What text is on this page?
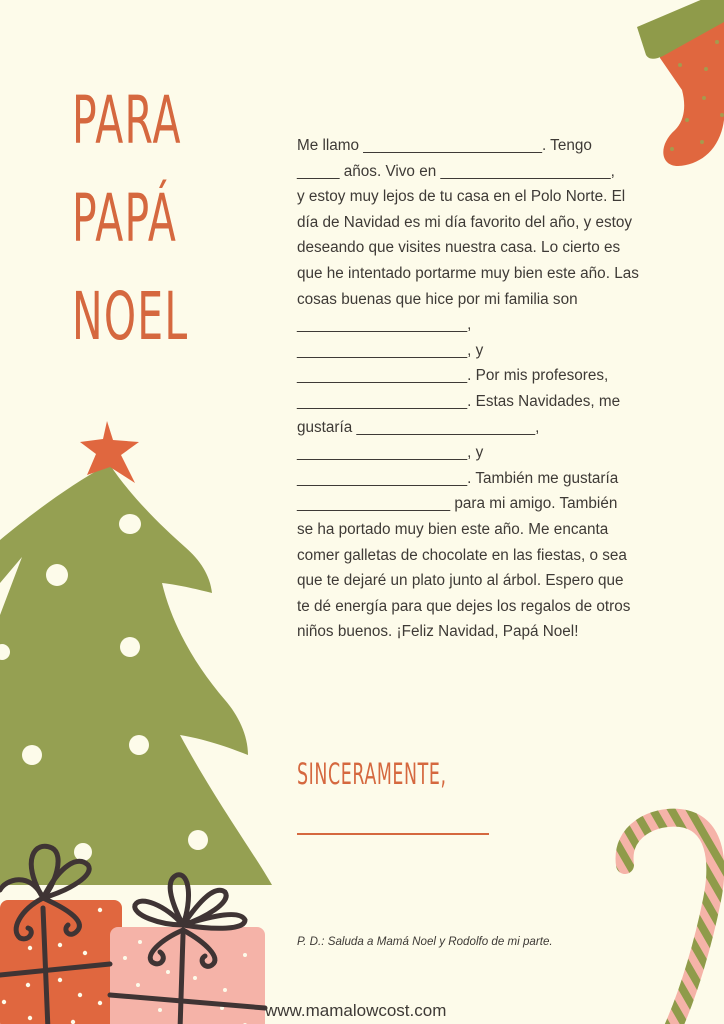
PARA
PAPÁ
NOEL

Me llamo _____________________. Tengo

_____ años. Vivo en ____________________,

y estoy muy lejos de tu casa en el Polo Norte. El

día de Navidad es mi día favorito del año, y estoy

deseando que visites nuestra casa. Lo cierto es

que he intentado portarme muy bien este año. Las

cosas buenas que hice por mi familia son

____________________,

____________________, y

____________________. Por mis profesores,

____________________. Estas Navidades, me

gustaría _____________________,

____________________, y

____________________. También me gustaría

__________________ para mi amigo. También

se ha portado muy bien este año. Me encanta

comer galletas de chocolate en las fiestas, o sea

que te dejaré un plato junto al árbol. Espero que

te dé energía para que dejes los regalos de otros

niños buenos. ¡Feliz Navidad, Papá Noel!

SINCERAMENTE,
P. D.: Saluda a Mamá Noel y Rodolfo de mi parte.
www.mamalowcost.com
